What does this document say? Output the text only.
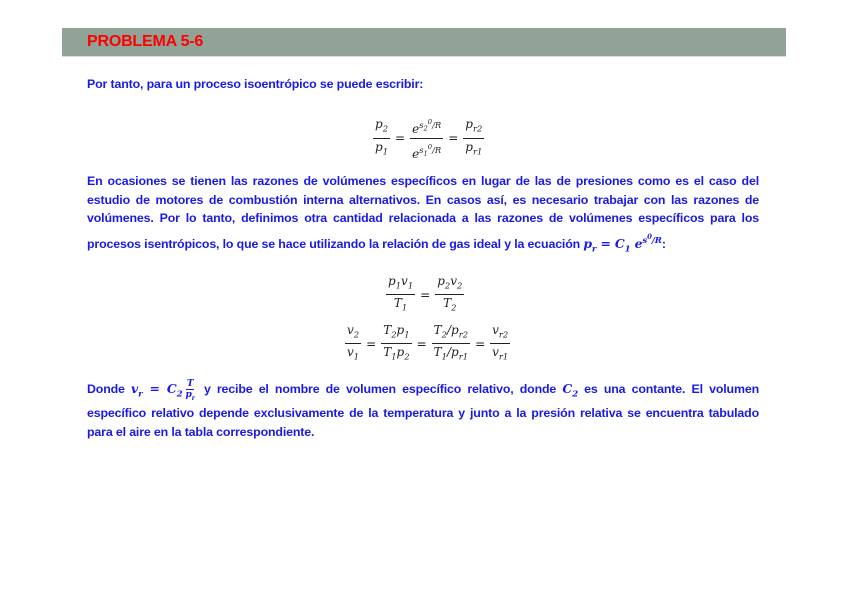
PROBLEMA 5-6
Por tanto, para un proceso isoentrópico se puede escribir:
$\frac{p_2}{p_1} = \frac{e^{s_2^0/R}}{e^{s_1^0/R}} = \frac{p_{r2}}{p_{r1}}$
En ocasiones se tienen las razones de volúmenes específicos en lugar de las de presiones como es el caso del estudio de motores de combustión interna alternativos. En casos así, es necesario trabajar con las razones de volúmenes. Por lo tanto, definimos otra cantidad relacionada a las razones de volúmenes específicos para los procesos isentrópicos, lo que se hace utilizando la relación de gas ideal y la ecuación $p_r = C_1$ $e^{s^0/R}$:
$\frac{p_1v_1}{T_1} = \frac{p_2v_2}{T_2}$
$\frac{v_2}{v_1} = \frac{T_2p_1}{T_1p_2} = \frac{T_2/p_{r2}}{T_1/p_{r1}} = \frac{v_{r2}}{v_{r1}}$
Donde $v_r = C_2 \frac{T}{p_r}$ y recibe el nombre de volumen específico relativo, donde $C_2$ es una contante. El volumen específico relativo depende exclusivamente de la temperatura y junto a la presión relativa se encuentra tabulado para el aire en la tabla correspondiente.
